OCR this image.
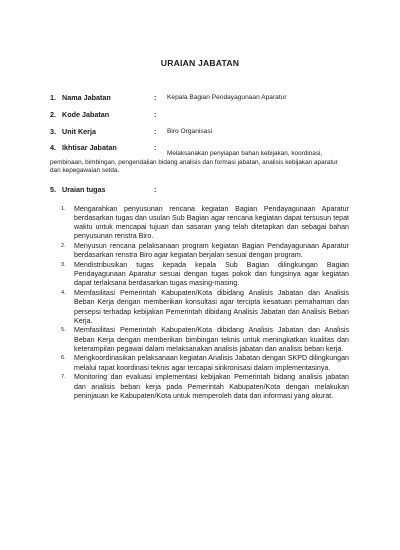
URAIAN JABATAN
1. Nama Jabatan	: Kepala Bagian Pendayagunaan Aparatur
2. Kode Jabatan	:
3. Unit Kerja	: Biro Organisasi
4. Ikhtisar Jabatan	:
Melaksanakan penyiapan bahan kebijakan, koordinasi, pembinaan, bimbingan, pengendalian bidang analisis dan formasi jabatan, analisis kebijakan aparatur dan kepegawaian setda.
5. Uraian tugas	:
1. Mengarahkan penyusunan rencana kegiatan Bagian Pendayagunaan Aparatur berdasarkan tugas dan usulan Sub Bagian agar rencana kegiatan dapat tersusun tepat waktu untuk mencapai tujuan dan sasaran yang telah ditetapkan dan sebagai bahan penyusunan renstra Biro.
2. Menyusun rencana pelaksanaan program kegiatan Bagian Pendayagunaan Aparatur berdasarkan renstra Biro agar kegiatan berjalan sesuai dengan program.
3. Mendistribusikan tugas kepada kepala Sub Bagian dilingkungan Bagian Pendayagunaan Aparatur sesuai dengan tugas pokok dan fungsinya agar kegiatan dapat terlaksana berdasarkan tugas masing-masing.
4. Memfasilitasi Pemerintah Kabupaten/Kota dibidang Analisis Jabatan dan Analisis Beban Kerja dengan memberikan konsultasi agar tercipta kesatuan pemahaman dan persepsi terhadap kebijakan Pemerintah dibidang Analisis Jabatan dan Analisis Beban Kerja.
5. Memfasilitasi Pemerintah Kabupaten/Kota dibidang Analisis Jabatan dan Analisis Beban Kerja dengan memberikan bimbingan teknis untuk meningkatkan kualitas dan keterampilan pegawai dalam melaksanakan analisis jabatan dan analisis beban kerja.
6. Mengkoordinasikan pelaksanaan kegiatan Analisis Jabatan dengan SKPD dilingkungan melalui rapat koordinasi teknis agar tercapai sinkronisasi dalam implementasinya.
7. Monitoring dan evaluasi implementasi kebijakan Pemerintah bidang analisis jabatan dan analisis beban kerja pada Pemerintah Kabupaten/Kota dengan melakukan peninjauan ke Kabupaten/Kota untuk memperoleh data dan informasi yang akurat.
